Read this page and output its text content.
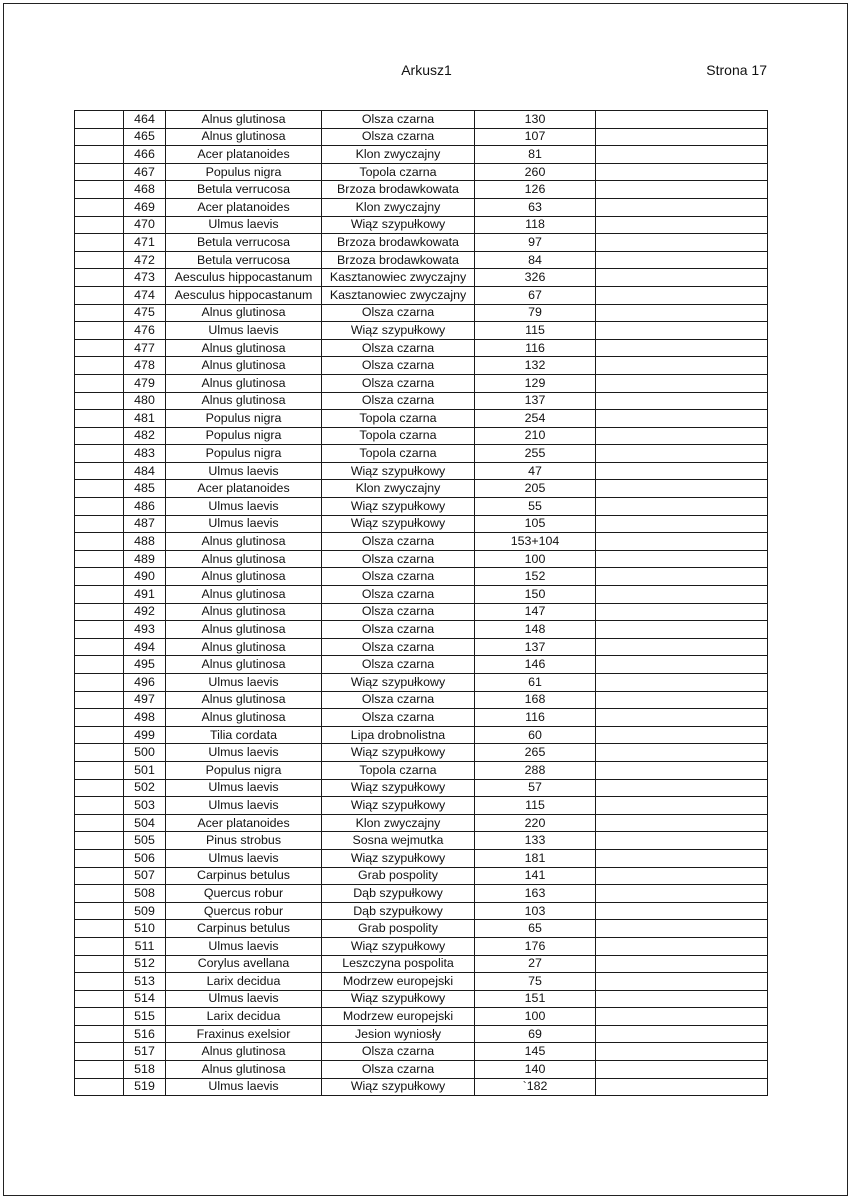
Arkusz1	Strona 17
	464	Alnus glutinosa	Olsza czarna	130	
	465	Alnus glutinosa	Olsza czarna	107	
	466	Acer platanoides	Klon zwyczajny	81	
	467	Populus nigra	Topola czarna	260	
	468	Betula verrucosa	Brzoza brodawkowata	126	
	469	Acer platanoides	Klon zwyczajny	63	
	470	Ulmus laevis	Wiąz szypułkowy	118	
	471	Betula verrucosa	Brzoza brodawkowata	97	
	472	Betula verrucosa	Brzoza brodawkowata	84	
	473	Aesculus hippocastanum	Kasztanowiec zwyczajny	326	
	474	Aesculus hippocastanum	Kasztanowiec zwyczajny	67	
	475	Alnus glutinosa	Olsza czarna	79	
	476	Ulmus laevis	Wiąz szypułkowy	115	
	477	Alnus glutinosa	Olsza czarna	116	
	478	Alnus glutinosa	Olsza czarna	132	
	479	Alnus glutinosa	Olsza czarna	129	
	480	Alnus glutinosa	Olsza czarna	137	
	481	Populus nigra	Topola czarna	254	
	482	Populus nigra	Topola czarna	210	
	483	Populus nigra	Topola czarna	255	
	484	Ulmus laevis	Wiąz szypułkowy	47	
	485	Acer platanoides	Klon zwyczajny	205	
	486	Ulmus laevis	Wiąz szypułkowy	55	
	487	Ulmus laevis	Wiąz szypułkowy	105	
	488	Alnus glutinosa	Olsza czarna	153+104	
	489	Alnus glutinosa	Olsza czarna	100	
	490	Alnus glutinosa	Olsza czarna	152	
	491	Alnus glutinosa	Olsza czarna	150	
	492	Alnus glutinosa	Olsza czarna	147	
	493	Alnus glutinosa	Olsza czarna	148	
	494	Alnus glutinosa	Olsza czarna	137	
	495	Alnus glutinosa	Olsza czarna	146	
	496	Ulmus laevis	Wiąz szypułkowy	61	
	497	Alnus glutinosa	Olsza czarna	168	
	498	Alnus glutinosa	Olsza czarna	116	
	499	Tilia cordata	Lipa drobnolistna	60	
	500	Ulmus laevis	Wiąz szypułkowy	265	
	501	Populus nigra	Topola czarna	288	
	502	Ulmus laevis	Wiąz szypułkowy	57	
	503	Ulmus laevis	Wiąz szypułkowy	115	
	504	Acer platanoides	Klon zwyczajny	220	
	505	Pinus strobus	Sosna wejmutka	133	
	506	Ulmus laevis	Wiąz szypułkowy	181	
	507	Carpinus betulus	Grab pospolity	141	
	508	Quercus robur	Dąb szypułkowy	163	
	509	Quercus robur	Dąb szypułkowy	103	
	510	Carpinus betulus	Grab pospolity	65	
	511	Ulmus laevis	Wiąz szypułkowy	176	
	512	Corylus avellana	Leszczyna pospolita	27	
	513	Larix decidua	Modrzew europejski	75	
	514	Ulmus laevis	Wiąz szypułkowy	151	
	515	Larix decidua	Modrzew europejski	100	
	516	Fraxinus exelsior	Jesion wyniosły	69	
	517	Alnus glutinosa	Olsza czarna	145	
	518	Alnus glutinosa	Olsza czarna	140	
	519	Ulmus laevis	Wiąz szypułkowy	`182	
